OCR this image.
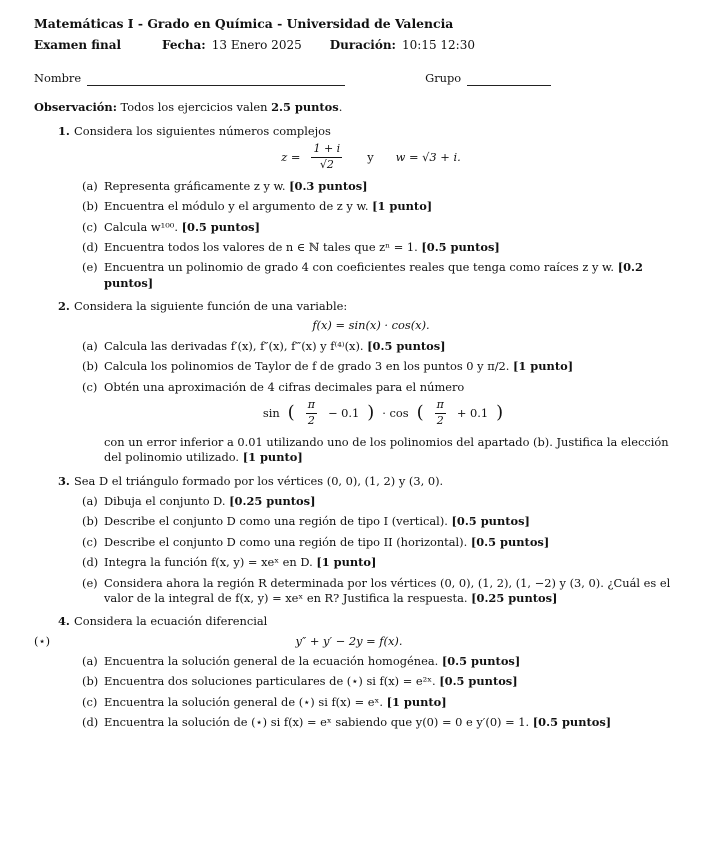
Matemáticas I - Grado en Química - Universidad de Valencia
Examen final	Fecha: 13 Enero 2025	Duración: 10:15 12:30
Nombre	Grupo
Observación: Todos los ejercicios valen 2.5 puntos.
1. Considera los siguientes números complejos
$z = \frac{1 + i}{√2}$ y w = √3 + i.
(a) Representa gráficamente z y w. [0.3 puntos]
(b) Encuentra el módulo y el argumento de z y w. [1 punto]
(c) Calcula w¹⁰⁰. [0.5 puntos]
(d) Encuentra todos los valores de n ∈ ℕ tales que zⁿ = 1. [0.5 puntos]
(e) Encuentra un polinomio de grado 4 con coeficientes reales que tenga como raíces z y w. [0.2 puntos]
2. Considera la siguiente función de una variable:
f(x) = sin(x) · cos(x).
(a) Calcula las derivadas f′(x), f″(x), f‴(x) y f⁽⁴⁾(x). [0.5 puntos]
(b) Calcula los polinomios de Taylor de f de grado 3 en los puntos 0 y π/2. [1 punto]
(c) Obtén una aproximación de 4 cifras decimales para el número
sin ( $\frac{\pi}{2} - 0.1$ ) · cos ( $\frac{\pi}{2} + 0.1$ )
con un error inferior a 0.01 utilizando uno de los polinomios del apartado (b). Justifica la elección del polinomio utilizado. [1 punto]
3. Sea D el triángulo formado por los vértices (0, 0), (1, 2) y (3, 0).
(a) Dibuja el conjunto D. [0.25 puntos]
(b) Describe el conjunto D como una región de tipo I (vertical). [0.5 puntos]
(c) Describe el conjunto D como una región de tipo II (horizontal). [0.5 puntos]
(d) Integra la función f(x, y) = xeˣ en D. [1 punto]
(e) Considera ahora la región R determinada por los vértices (0, 0), (1, 2), (1, −2) y (3, 0). ¿Cuál es el valor de la integral de f(x, y) = xeˣ en R? Justifica la respuesta. [0.25 puntos]
4. Considera la ecuación diferencial
(⋆)	y″ + y′ − 2y = f(x).
(a) Encuentra la solución general de la ecuación homogénea. [0.5 puntos]
(b) Encuentra dos soluciones particulares de (⋆) si f(x) = e²ˣ. [0.5 puntos]
(c) Encuentra la solución general de (⋆) si f(x) = eˣ. [1 punto]
(d) Encuentra la solución de (⋆) si f(x) = eˣ sabiendo que y(0) = 0 e y′(0) = 1. [0.5 puntos]
